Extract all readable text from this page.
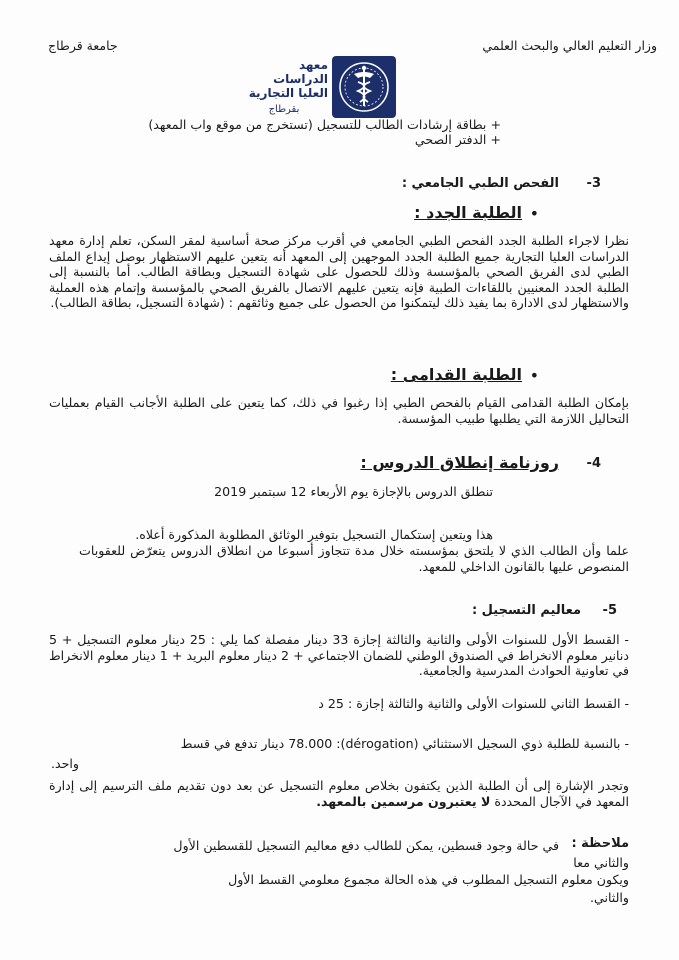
وزار التعليم العالي والبحث العلمي
جامعة قرطاج
معهد الدراسات
العليا التجارية
بقرطاج
+ بطاقة إرشادات الطالب للتسجيل (تستخرج من موقع واب المعهد)
+ الدفتر الصحي
3-
الفحص الطبي الجامعي :
•
الطلبة الجدد :
نظرا لاجراء الطلبة الجدد الفحص الطبي الجامعي في أقرب مركز صحة أساسية لمقر السكن، تعلم إدارة معهد الدراسات العليا التجارية جميع الطلبة الجدد الموجهين إلى المعهد أنه يتعين عليهم الاستظهار بوصل إيداع الملف الطبي لدى الفريق الصحي بالمؤسسة وذلك للحصول على شهادة التسجيل وبطاقة الطالب. أما بالنسبة إلى الطلبة الجدد المعنيين باللقاءات الطبية فإنه يتعين عليهم الاتصال بالفريق الصحي بالمؤسسة وإتمام هذه العملية والاستظهار لدى الادارة بما يفيد ذلك ليتمكنوا من الحصول على جميع وثائقهم : (شهادة التسجيل، بطاقة الطالب).
•
الطلبة القدامى :
بإمكان الطلبة القدامى القيام بالفحص الطبي إذا رغبوا في ذلك، كما يتعين على الطلبة الأجانب القيام بعمليات التحاليل اللازمة التي يطلبها طبيب المؤسسة.
4-
روزنامة إنطلاق الدروس :
تنطلق الدروس بالإجازة يوم الأربعاء 12 سبتمبر 2019
هذا ويتعين إستكمال التسجيل بتوفير الوثائق المطلوبة المذكورة أعلاه.
علما وأن الطالب الذي لا يلتحق بمؤسسته خلال مدة تتجاوز أسبوعا من انطلاق الدروس يتعرّض للعقوبات المنصوص عليها بالقانون الداخلي للمعهد.
5-
معاليم التسجيل :
- القسط الأول للسنوات الأولى والثانية والثالثة إجازة 33 دينار مفصلة كما يلي : 25 دينار معلوم التسجيل + 5 دنانير معلوم الانخراط في الصندوق الوطني للضمان الاجتماعي + 2 دينار معلوم البريد + 1 دينار معلوم الانخراط في تعاونية الحوادث المدرسية والجامعية.
- القسط الثاني للسنوات الأولى والثانية والثالثة إجازة : 25 د
- بالنسبة للطلبة ذوي السجيل الاستثنائي (dérogation): 78.000 دينار تدفع في قسط
واحد.
وتجدر الإشارة إلى أن الطلبة الذين يكتفون بخلاص معلوم التسجيل عن بعد دون تقديم ملف الترسيم إلى إدارة المعهد في الآجال المحددة لا يعتبرون مرسمين بالمعهد.
ملاحظة :
في حالة وجود قسطين، يمكن للطالب دفع معاليم التسجيل للقسطين الأول
والثاني معا
ويكون معلوم التسجيل المطلوب في هذه الحالة مجموع معلومي القسط الأول
والثاني.
